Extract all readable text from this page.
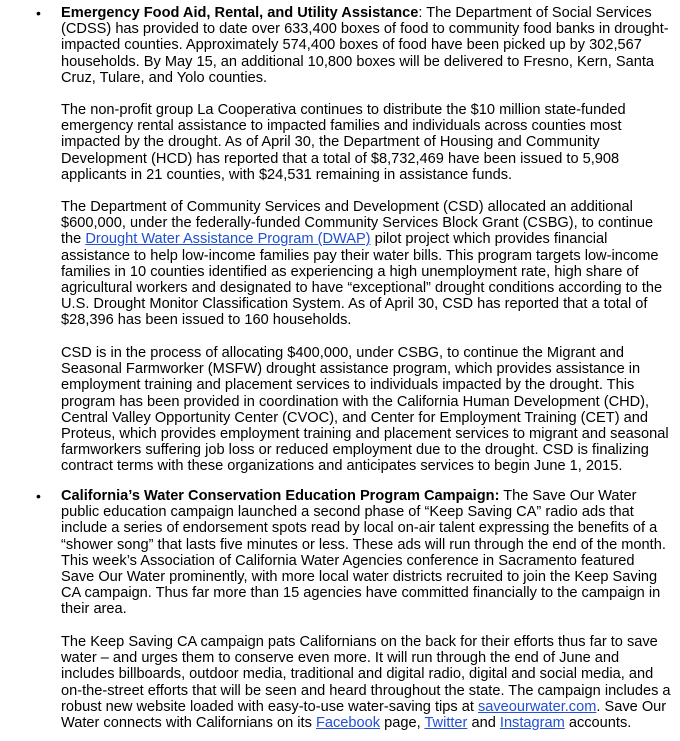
•	Emergency Food Aid, Rental, and Utility Assistance: The Department of Social Services
(CDSS) has provided to date over 633,400 boxes of food to community food banks in drought-
impacted counties. Approximately 574,400 boxes of food have been picked up by 302,567
households. By May 15, an additional 10,800 boxes will be delivered to Fresno, Kern, Santa
Cruz, Tulare, and Yolo counties.
The non-profit group La Cooperativa continues to distribute the $10 million state-funded
emergency rental assistance to impacted families and individuals across counties most
impacted by the drought. As of April 30, the Department of Housing and Community
Development (HCD) has reported that a total of $8,732,469 have been issued to 5,908
applicants in 21 counties, with $24,531 remaining in assistance funds.
The Department of Community Services and Development (CSD) allocated an additional
$600,000, under the federally-funded Community Services Block Grant (CSBG), to continue
the Drought Water Assistance Program (DWAP) pilot project which provides financial
assistance to help low-income families pay their water bills. This program targets low-income
families in 10 counties identified as experiencing a high unemployment rate, high share of
agricultural workers and designated to have “exceptional” drought conditions according to the
U.S. Drought Monitor Classification System. As of April 30, CSD has reported that a total of
$28,396 has been issued to 160 households.
CSD is in the process of allocating $400,000, under CSBG, to continue the Migrant and
Seasonal Farmworker (MSFW) drought assistance program, which provides assistance in
employment training and placement services to individuals impacted by the drought. This
program has been provided in coordination with the California Human Development (CHD),
Central Valley Opportunity Center (CVOC), and Center for Employment Training (CET) and
Proteus, which provides employment training and placement services to migrant and seasonal
farmworkers suffering job loss or reduced employment due to the drought. CSD is finalizing
contract terms with these organizations and anticipates services to begin June 1, 2015.
•	California’s Water Conservation Education Program Campaign: The Save Our Water
public education campaign launched a second phase of “Keep Saving CA” radio ads that
include a series of endorsement spots read by local on-air talent expressing the benefits of a
“shower song” that lasts five minutes or less. These ads will run through the end of the month.
This week’s Association of California Water Agencies conference in Sacramento featured
Save Our Water prominently, with more local water districts recruited to join the Keep Saving
CA campaign. Thus far more than 15 agencies have committed financially to the campaign in
their area.
The Keep Saving CA campaign pats Californians on the back for their efforts thus far to save
water – and urges them to conserve even more. It will run through the end of June and
includes billboards, outdoor media, traditional and digital radio, digital and social media, and
on-the-street efforts that will be seen and heard throughout the state. The campaign includes a
robust new website loaded with easy-to-use water-saving tips at saveourwater.com. Save Our
Water connects with Californians on its Facebook page, Twitter and Instagram accounts.
